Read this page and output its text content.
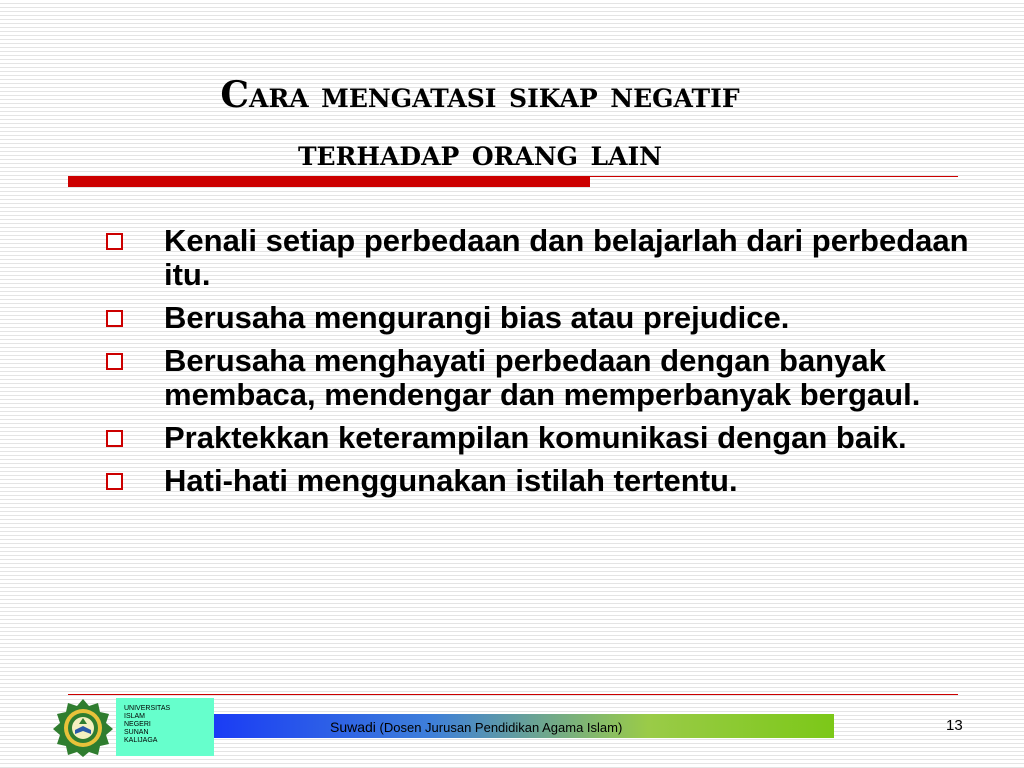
Cara mengatasi sikap negatif
terhadap orang lain
Kenali setiap perbedaan dan belajarlah dari perbedaan itu.
Berusaha mengurangi bias atau prejudice.
Berusaha menghayati perbedaan dengan banyak membaca, mendengar dan memperbanyak bergaul.
Praktekkan keterampilan komunikasi dengan baik.
Hati-hati menggunakan istilah tertentu.
UNIVERSITAS
ISLAM
NEGERI
SUNAN
KALIJAGA
Suwadi (Dosen Jurusan Pendidikan Agama Islam)	13
